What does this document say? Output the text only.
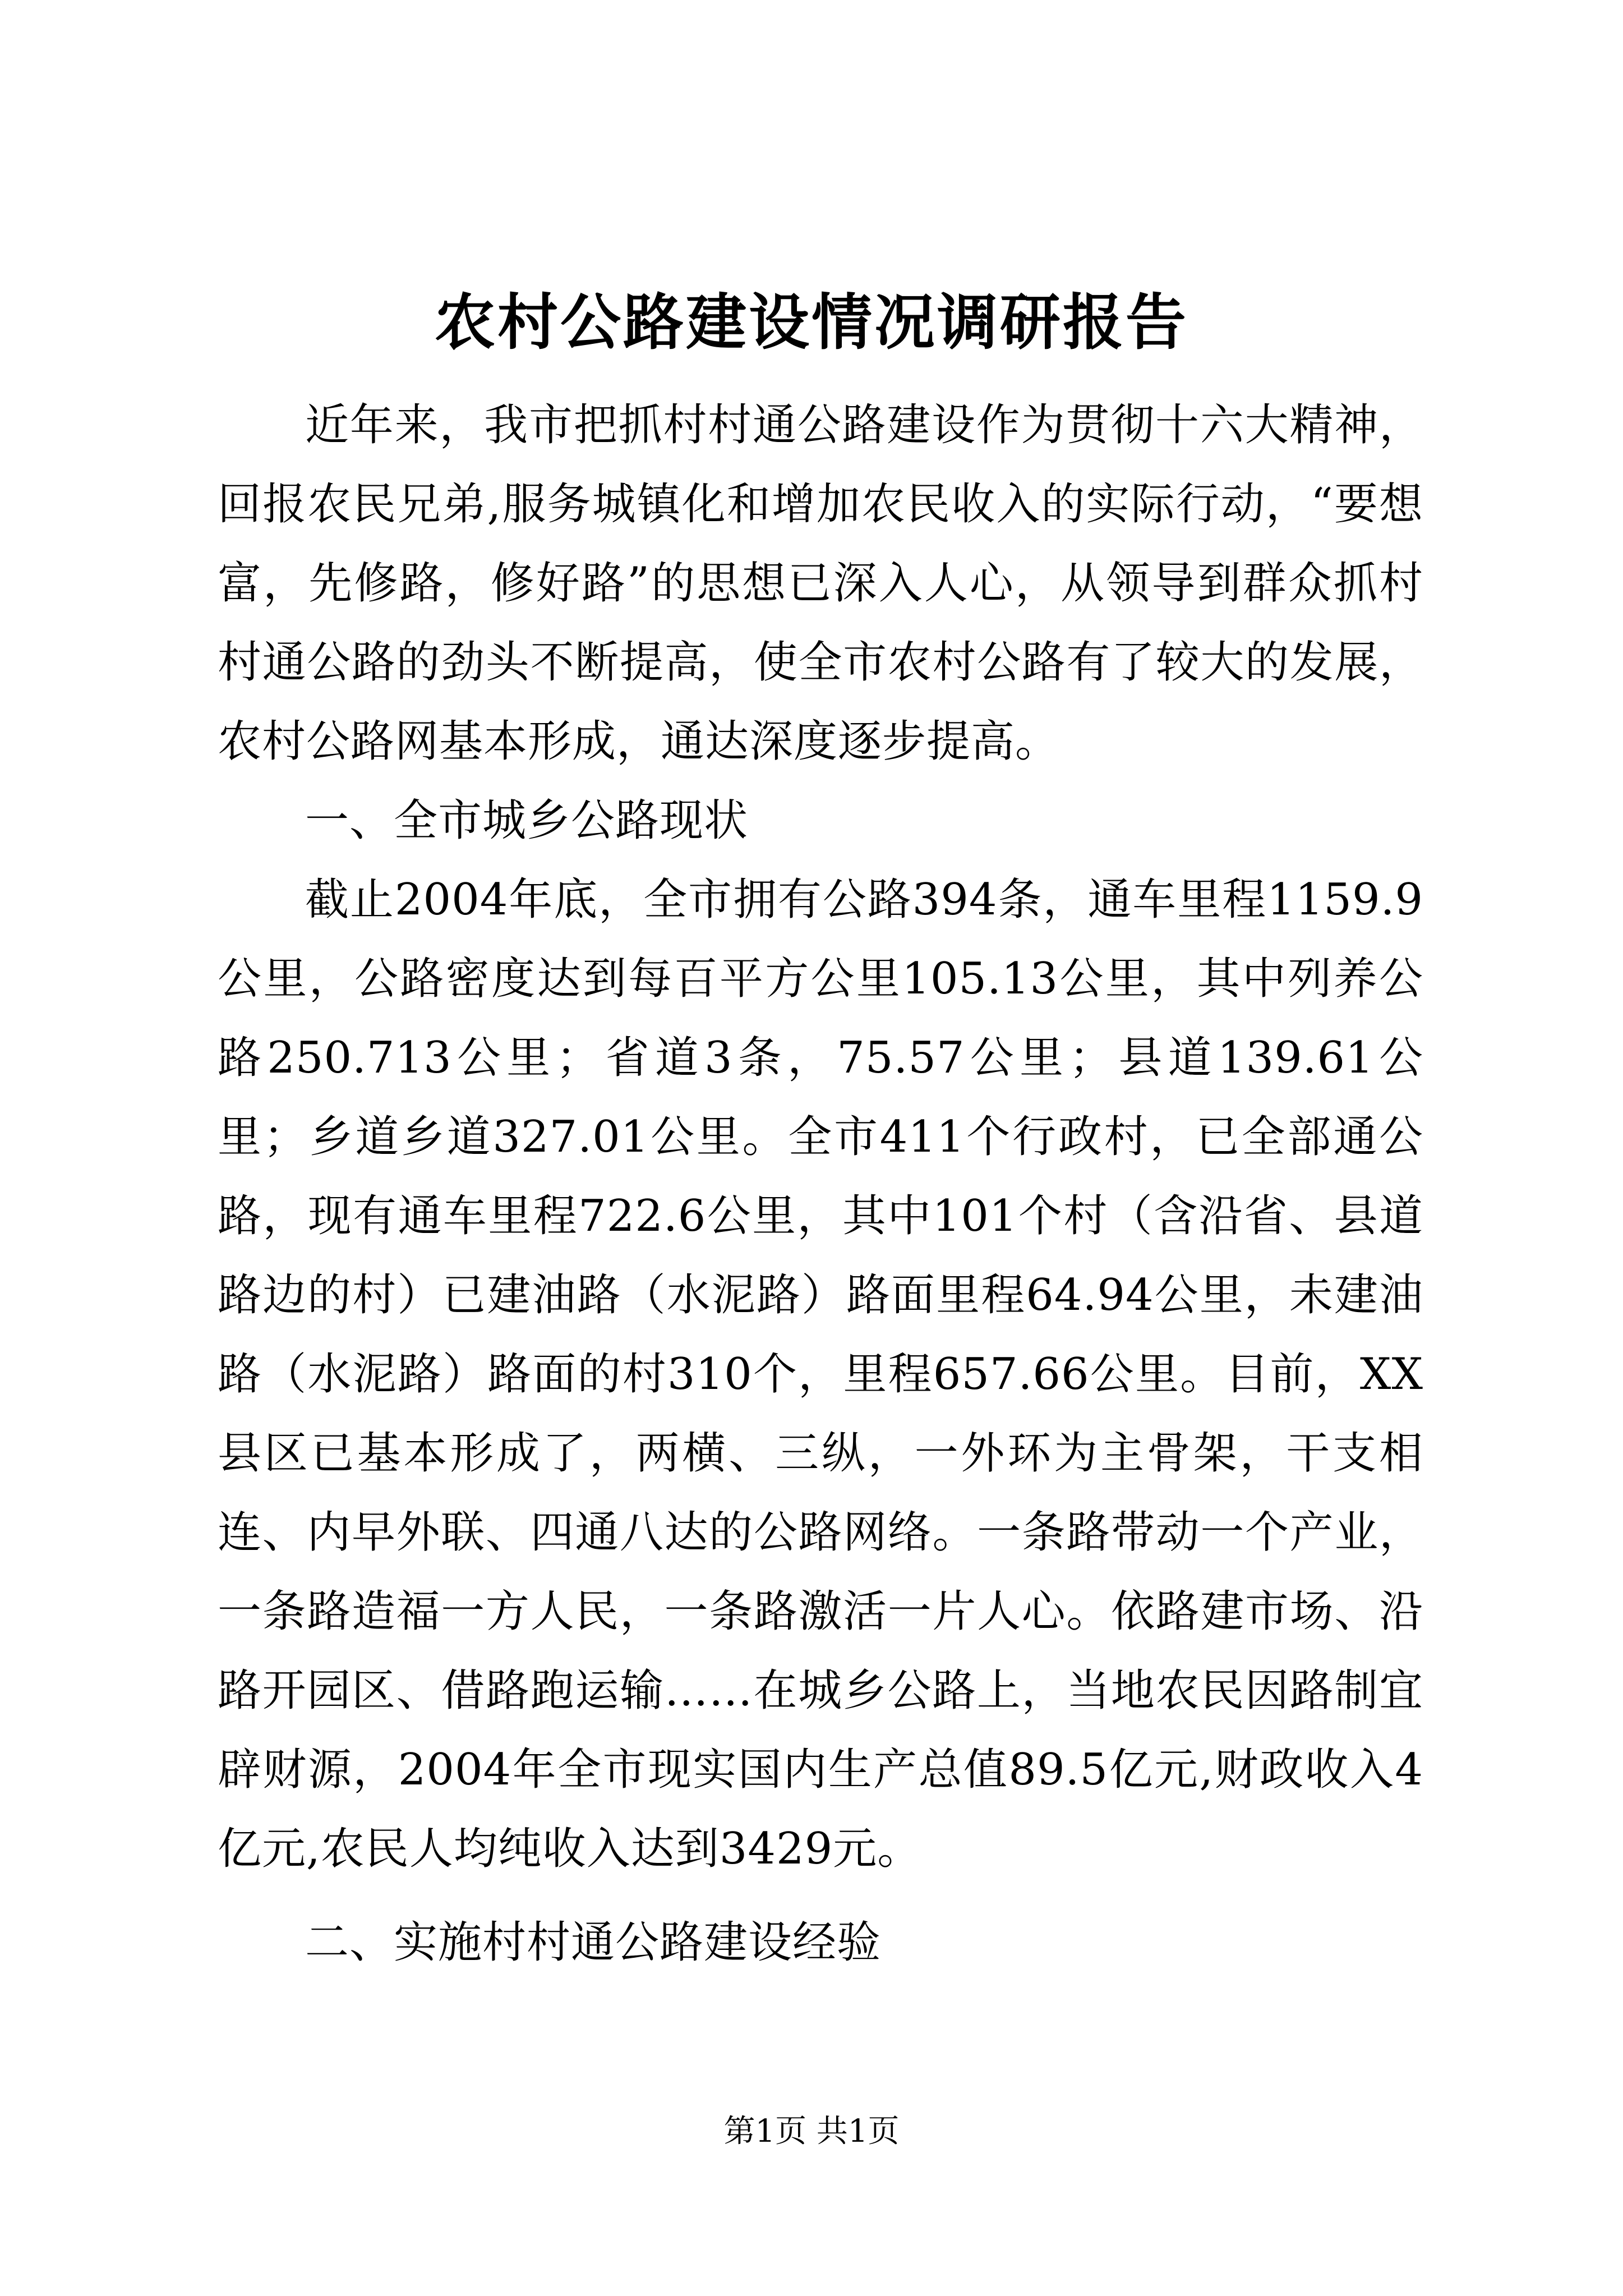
农村公路建设情况调研报告

近年来，我市把抓村村通公路建设作为贯彻十六大精神，回报农民兄弟,服务城镇化和增加农民收入的实际行动，“要想富，先修路，修好路”的思想已深入人心，从领导到群众抓村村通公路的劲头不断提高，使全市农村公路有了较大的发展，农村公路网基本形成，通达深度逐步提高。

一、全市城乡公路现状

截止2004年底，全市拥有公路394条，通车里程1159.9公里，公路密度达到每百平方公里105.13公里，其中列养公路250.713公里；省道3条，75.57公里；县道139.61公里；乡道乡道327.01公里。全市411个行政村，已全部通公路，现有通车里程722.6公里，其中101个村（含沿省、县道路边的村）已建油路（水泥路）路面里程64.94公里，未建油路（水泥路）路面的村310个，里程657.66公里。目前，XX县区已基本形成了，两横、三纵，一外环为主骨架，干支相连、内早外联、四通八达的公路网络。一条路带动一个产业，一条路造福一方人民，一条路激活一片人心。依路建市场、沿路开园区、借路跑运输……在城乡公路上，当地农民因路制宜辟财源，2004年全市现实国内生产总值89.5亿元,财政收入4亿元,农民人均纯收入达到3429元。

二、实施村村通公路建设经验

第1页 共1页
